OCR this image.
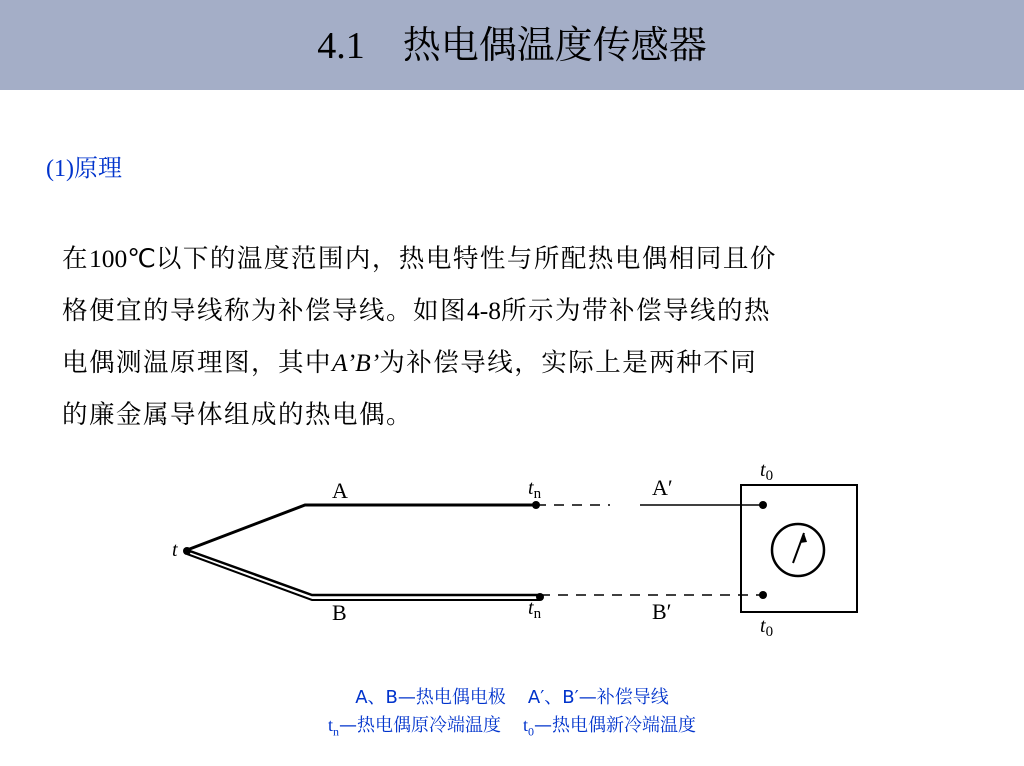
4.1 热电偶温度传感器
(1)原理
在100℃以下的温度范围内，热电特性与所配热电偶相同且价
格便宜的导线称为补偿导线。如图4-8所示为带补偿导线的热
电偶测温原理图，其中A’B’为补偿导线，实际上是两种不同
的廉金属导体组成的热电偶。
A
B
A′
B′
t
$t_n$
$t_n$
$t_0$
$t_0$
A、B—热电偶电极 A′、B′—补偿导线
$t_n—$热电偶原冷端温度 $t_0—$热电偶新冷端温度
